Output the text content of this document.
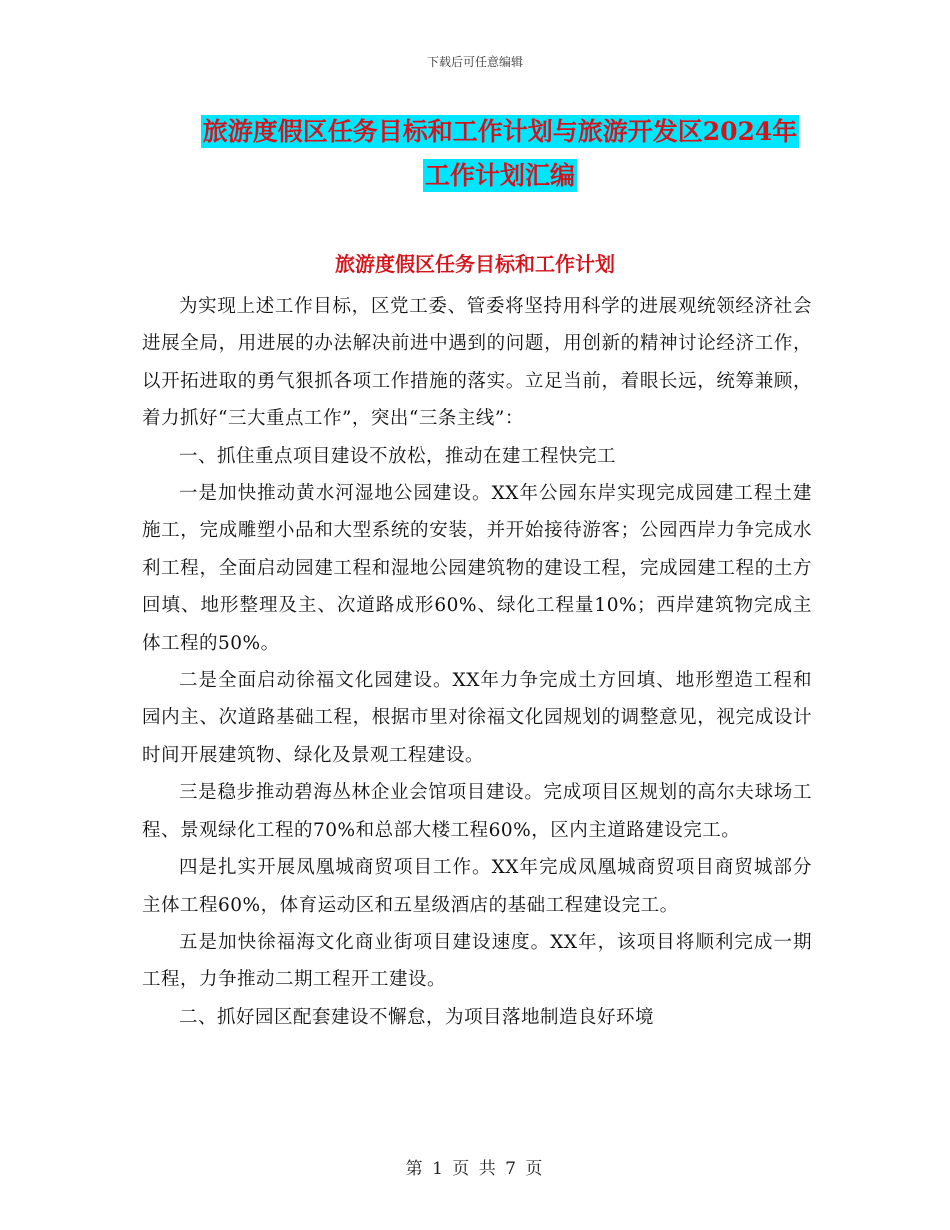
下载后可任意编辑
旅游度假区任务目标和工作计划与旅游开发区2024年
工作计划汇编
旅游度假区任务目标和工作计划

为实现上述工作目标，区党工委、管委将坚持用科学的进展观统领经济社会进展全局，用进展的办法解决前进中遇到的问题，用创新的精神讨论经济工作，以开拓进取的勇气狠抓各项工作措施的落实。立足当前，着眼长远，统筹兼顾，着力抓好“三大重点工作”，突出“三条主线”：

一、抓住重点项目建设不放松，推动在建工程快完工

一是加快推动黄水河湿地公园建设。XX年公园东岸实现完成园建工程土建施工，完成雕塑小品和大型系统的安装，并开始接待游客；公园西岸力争完成水利工程，全面启动园建工程和湿地公园建筑物的建设工程，完成园建工程的土方回填、地形整理及主、次道路成形60%、绿化工程量10%；西岸建筑物完成主体工程的50%。

二是全面启动徐福文化园建设。XX年力争完成土方回填、地形塑造工程和园内主、次道路基础工程，根据市里对徐福文化园规划的调整意见，视完成设计时间开展建筑物、绿化及景观工程建设。

三是稳步推动碧海丛林企业会馆项目建设。完成项目区规划的高尔夫球场工程、景观绿化工程的70%和总部大楼工程60%，区内主道路建设完工。

四是扎实开展凤凰城商贸项目工作。XX年完成凤凰城商贸项目商贸城部分主体工程60%，体育运动区和五星级酒店的基础工程建设完工。

五是加快徐福海文化商业街项目建设速度。XX年，该项目将顺利完成一期工程，力争推动二期工程开工建设。

二、抓好园区配套建设不懈怠，为项目落地制造良好环境

第 1 页 共 7 页
